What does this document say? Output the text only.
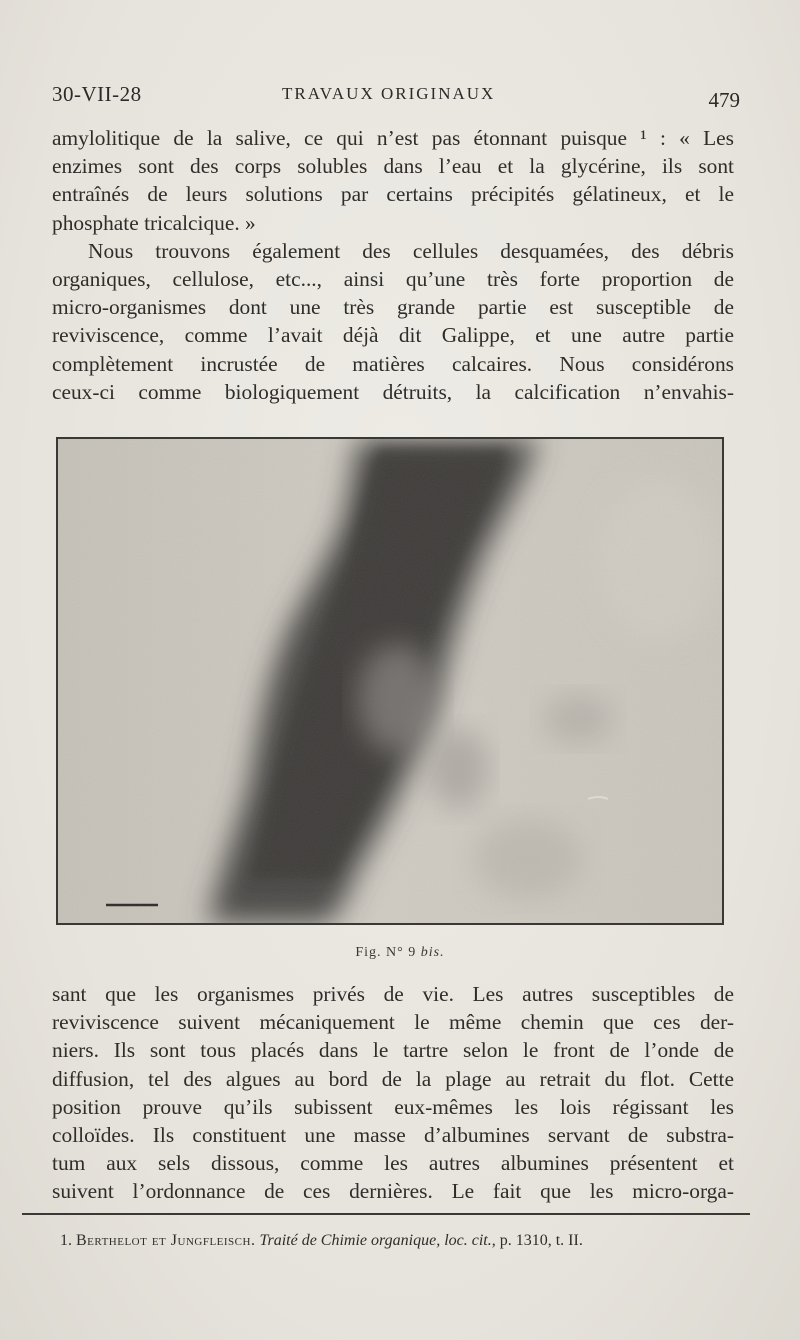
30-VII-28	TRAVAUX ORIGINAUX	479
amylolitique de la salive, ce qui n’est pas étonnant puisque ¹ : « Les
enzimes sont des corps solubles dans l’eau et la glycérine, ils sont
entraînés de leurs solutions par certains précipités gélatineux, et le
phosphate tricalcique. »
Nous trouvons également des cellules desquamées, des débris
organiques, cellulose, etc..., ainsi qu’une très forte proportion de
micro-organismes dont une très grande partie est susceptible de
reviviscence, comme l’avait déjà dit Galippe, et une autre partie
complètement incrustée de matières calcaires. Nous considérons
ceux-ci comme biologiquement détruits, la calcification n’envahis-
Fig. N° 9 bis.
sant que les organismes privés de vie. Les autres susceptibles de
reviviscence suivent mécaniquement le même chemin que ces der-
niers. Ils sont tous placés dans le tartre selon le front de l’onde de
diffusion, tel des algues au bord de la plage au retrait du flot. Cette
position prouve qu’ils subissent eux-mêmes les lois régissant les
colloïdes. Ils constituent une masse d’albumines servant de substra-
tum aux sels dissous, comme les autres albumines présentent et
suivent l’ordonnance de ces dernières. Le fait que les micro-orga-
1. Berthelot et Jungfleisch. Traité de Chimie organique, loc. cit., p. 1310, t. II.
